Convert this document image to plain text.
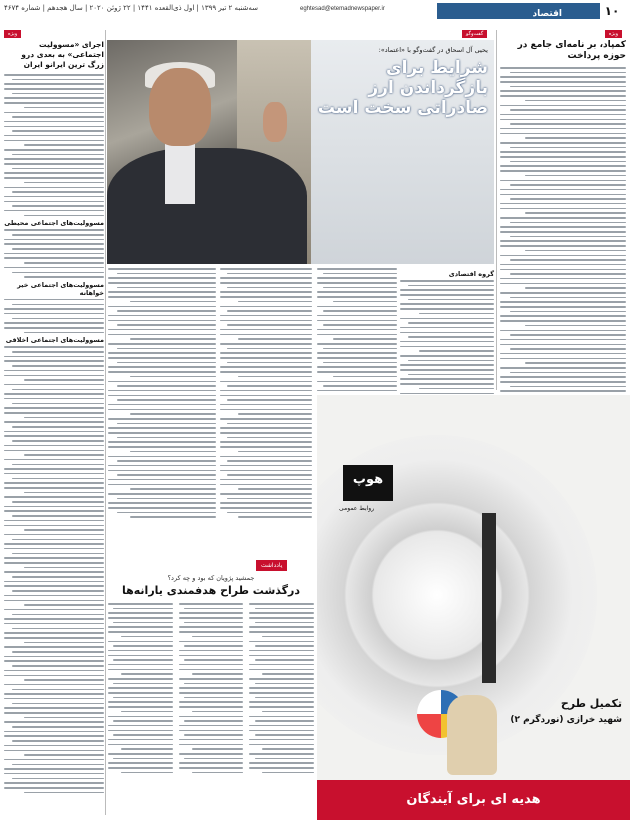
سه‌شنبه ۲ تیر ۱۳۹۹ | اول ذی‌القعده ۱۴۴۱ | ۲۲ ژوئن ۲۰۲۰ | سال هجدهم | شماره ۴۶۷۴	eghtesad@etemadnewspaper.ir	اقتصاد	۱۰
ویژه
کمپاد، بر نامه‌ای جامع در حوزه پرداخت
گفت‌وگو
یحیی آل اسحاق در گفت‌وگو با «اعتماد»:
شرایط برای بازگرداندن ارز صادراتی سخت است
گروه اقتصادی
ویژه
اجرای «مسوولیت اجتماعی» به بعدی درو زرگ ترین ایرانو ایران
مسوولیت‌های اجتماعی محیطی
مسوولیت‌های اجتماعی خیر خواهانه
مسوولیت‌های اجتماعی اخلاقی
یادداشت
جمشید پژویان که بود و چه کرد؟
درگذشت طراح هدفمندی یارانه‌ها
هوپ
روابط عمومی
تکمیل طرح
شهید خرازی (نوردگرم ۲)
هدیه ای برای آیندگان
